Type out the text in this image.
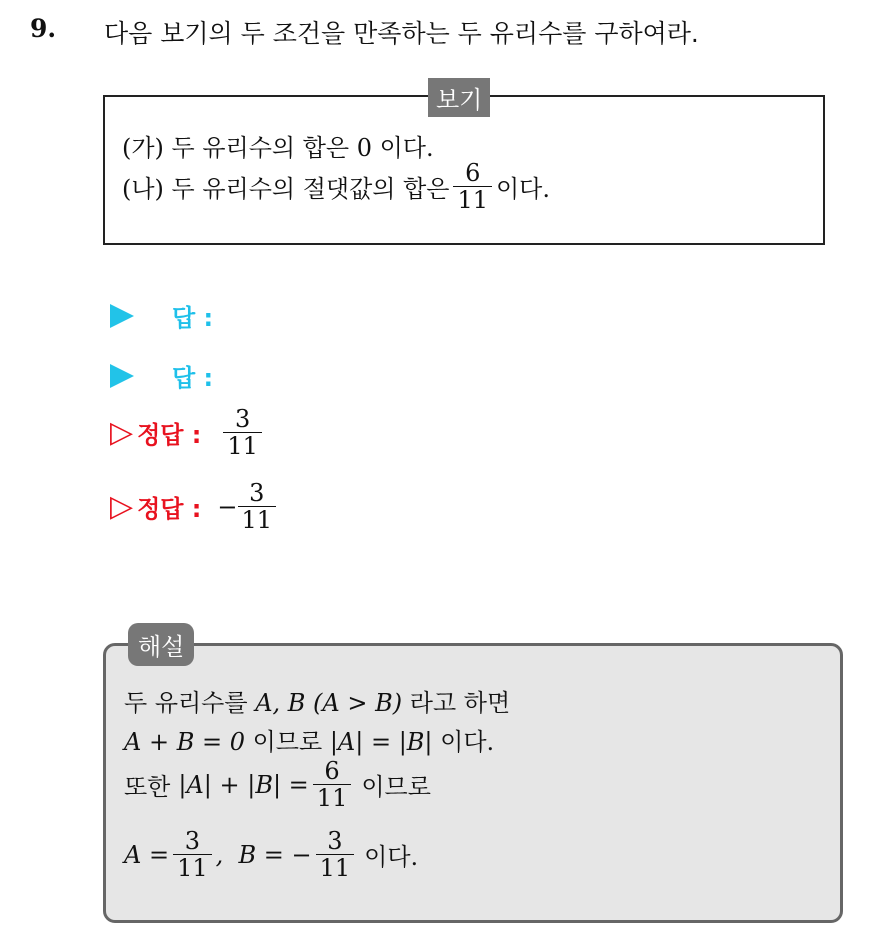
9. 다음 보기의 두 조건을 만족하는 두 유리수를 구하여라.
보기
(가) 두 유리수의 합은 0 이다.
(나) 두 유리수의 절댓값의 합은 $\frac{6}{11}$ 이다.
답 :
답 :
▷ 정답 : $\frac{3}{11}$
▷ 정답 : − $\frac{3}{11}$
해설
두 유리수를 A, B (A > B) 라고 하면
A + B = 0 이므로 |A| = |B| 이다.
또한 $|A| + |B| = \frac{6}{11}$ 이므로
$A = \frac{3}{11}$ ,  B = − $\frac{3}{11}$ 이다.
